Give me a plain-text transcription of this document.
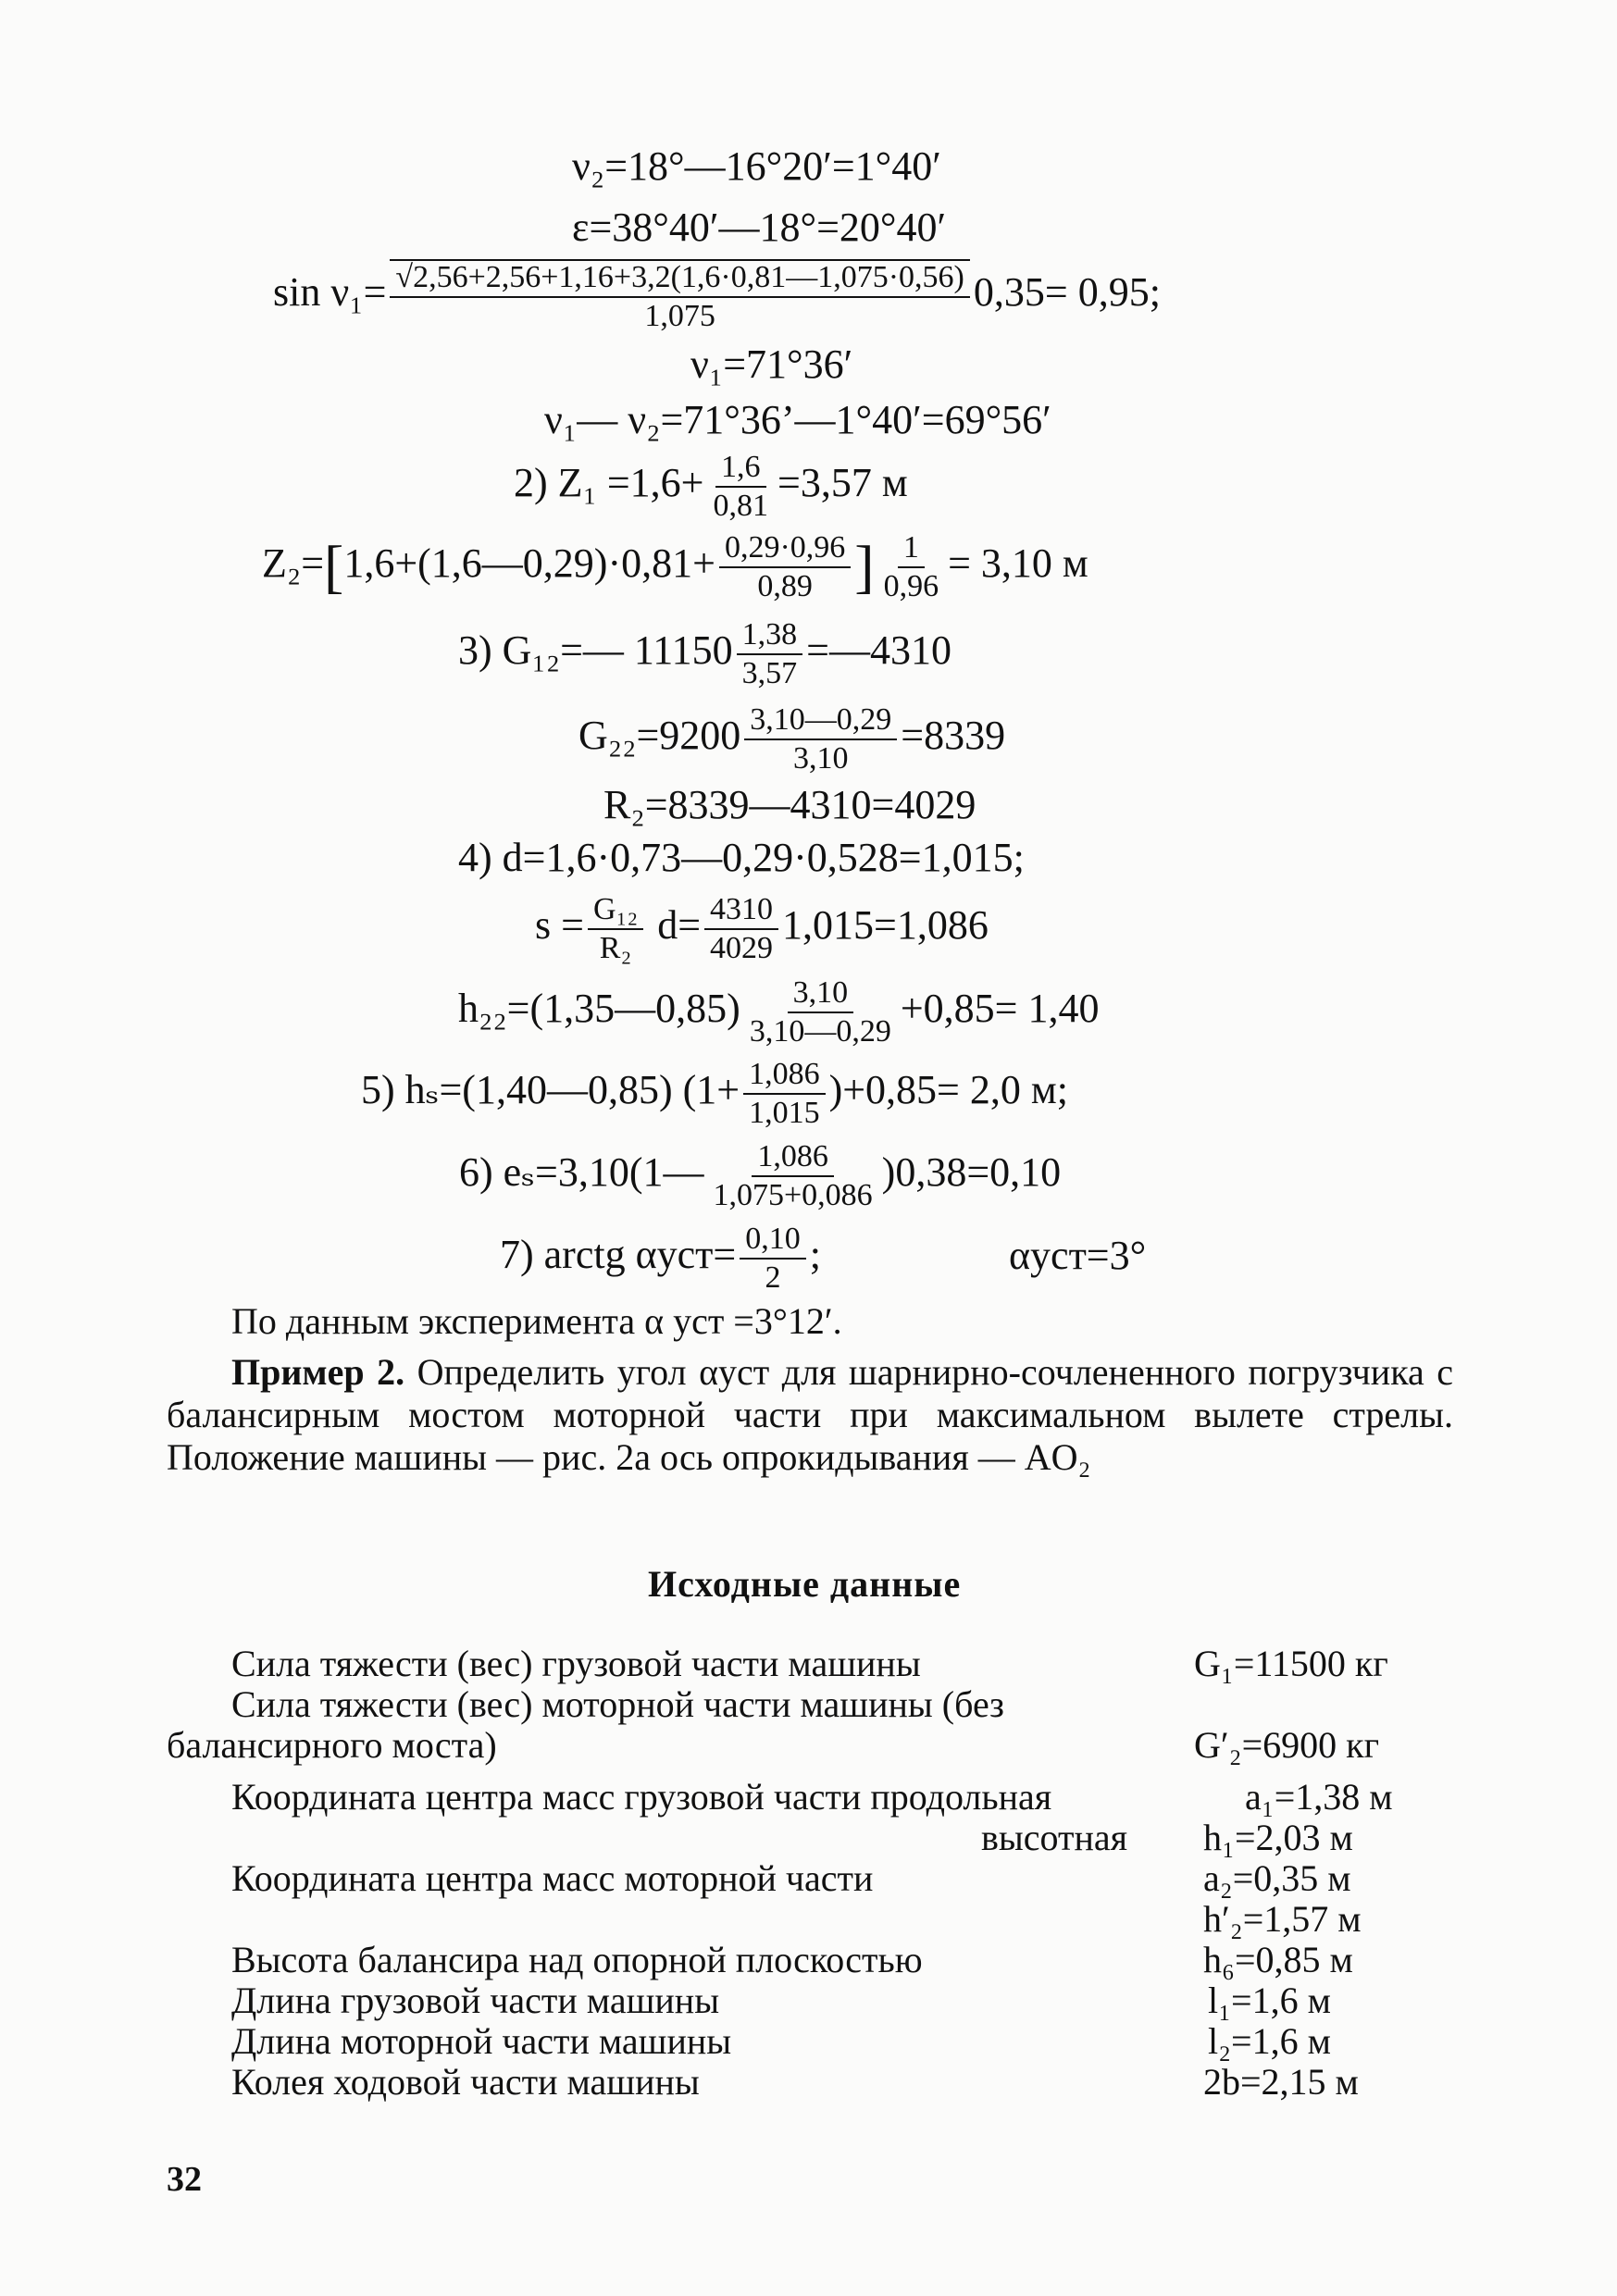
ν₂=18°—16°20′=1°40′
ε=38°40′—18°=20°40′
$\sin \nu_1= \frac{√2,56+2,56+1,16+3,2(1,6\cdot 0,81—1,075\cdot 0,56)}{1,075} 0,35= 0,95$;
ν₁=71°36′
ν₁— ν₂=71°36’—1°40′=69°56′
2) $Z_1 =1,6+ \frac{1,6}{0,81} =3,57$ м
Z₂=[1,6+(1,6—0,29)·0,81+ $\frac{0,29\cdot 0,96}{0,89}$ ] $\frac{1}{0,96} = 3,10$ м
3) G₁₂=— $11150 \frac{1,38}{3,57}$ =—4310
$G_{22}=9200 \frac{3,10—0,29}{3,10} =8339$
R₂=8339—4310=4029
4) d=1,6·0,73—0,29·0,528=1,015;
$s = \frac{\text{G₁₂}}{\text{R₂}} d= \frac{4310}{4029} 1,015=1,086$
h₂₂=(1,35—0,85) $\frac{3,10}{3,10—0,29} +0,85= 1,40$
5) hₛ=(1,40—0,85) $(1+ \frac{1,086}{1,015} )+0,85= 2,0$ м;
6) eₛ=3,10(1— $\frac{1,086}{1,075+0,086} )0,38=0,10$
7) arctg $\alpha уст= \frac{0,10}{2}$ ;	αуст=3°
По данным эксперимента α уст =3°12′.
Пример 2. Определить угол αуст для шарнирно-сочлененного погрузчика с балансирным мостом моторной части при максимальном вылете стрелы. Положение машины — рис. 2а ось опрокидывания — AO₂
Исходные данные
Сила тяжести (вес) грузовой части машины	G₁=11500 кг
Сила тяжести (вес) моторной части машины (без
балансирного моста)	G′₂=6900 кг
Координата центра масс грузовой части продольная	a₁=1,38 м
высотная h₁=2,03 м
Координата центра масс моторной части	a₂=0,35 м
h′₂=1,57 м
Высота балансира над опорной плоскостью	h₆=0,85 м
Длина грузовой части машины	l₁=1,6 м
Длина моторной части машины	l₂=1,6 м
Колея ходовой части машины	2b=2,15 м
32
